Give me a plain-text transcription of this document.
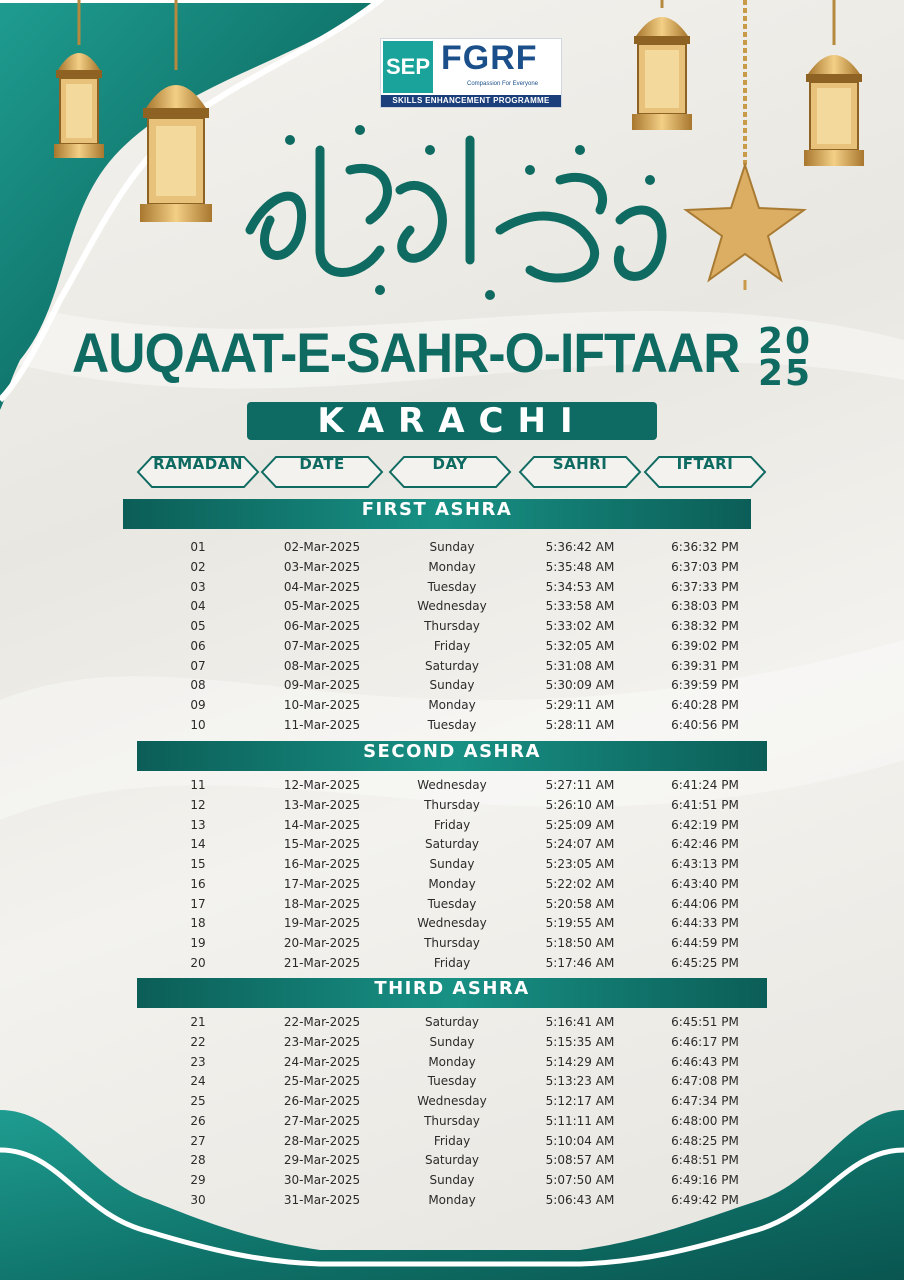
SEP FGRF
Compassion For Everyone
SKILLS ENHANCEMENT PROGRAMME
AUQAAT-E-SAHR-O-IFTAAR 20
25
KARACHI
RAMADAN	DATE	DAY	SAHRI	IFTARI
FIRST ASHRA
SECOND ASHRA
THIRD ASHRA
01	02-Mar-2025	Sunday	5:36:42 AM	6:36:32 PM
02	03-Mar-2025	Monday	5:35:48 AM	6:37:03 PM
03	04-Mar-2025	Tuesday	5:34:53 AM	6:37:33 PM
04	05-Mar-2025	Wednesday	5:33:58 AM	6:38:03 PM
05	06-Mar-2025	Thursday	5:33:02 AM	6:38:32 PM
06	07-Mar-2025	Friday	5:32:05 AM	6:39:02 PM
07	08-Mar-2025	Saturday	5:31:08 AM	6:39:31 PM
08	09-Mar-2025	Sunday	5:30:09 AM	6:39:59 PM
09	10-Mar-2025	Monday	5:29:11 AM	6:40:28 PM
10	11-Mar-2025	Tuesday	5:28:11 AM	6:40:56 PM
11	12-Mar-2025	Wednesday	5:27:11 AM	6:41:24 PM
12	13-Mar-2025	Thursday	5:26:10 AM	6:41:51 PM
13	14-Mar-2025	Friday	5:25:09 AM	6:42:19 PM
14	15-Mar-2025	Saturday	5:24:07 AM	6:42:46 PM
15	16-Mar-2025	Sunday	5:23:05 AM	6:43:13 PM
16	17-Mar-2025	Monday	5:22:02 AM	6:43:40 PM
17	18-Mar-2025	Tuesday	5:20:58 AM	6:44:06 PM
18	19-Mar-2025	Wednesday	5:19:55 AM	6:44:33 PM
19	20-Mar-2025	Thursday	5:18:50 AM	6:44:59 PM
20	21-Mar-2025	Friday	5:17:46 AM	6:45:25 PM
21	22-Mar-2025	Saturday	5:16:41 AM	6:45:51 PM
22	23-Mar-2025	Sunday	5:15:35 AM	6:46:17 PM
23	24-Mar-2025	Monday	5:14:29 AM	6:46:43 PM
24	25-Mar-2025	Tuesday	5:13:23 AM	6:47:08 PM
25	26-Mar-2025	Wednesday	5:12:17 AM	6:47:34 PM
26	27-Mar-2025	Thursday	5:11:11 AM	6:48:00 PM
27	28-Mar-2025	Friday	5:10:04 AM	6:48:25 PM
28	29-Mar-2025	Saturday	5:08:57 AM	6:48:51 PM
29	30-Mar-2025	Sunday	5:07:50 AM	6:49:16 PM
30	31-Mar-2025	Monday	5:06:43 AM	6:49:42 PM
